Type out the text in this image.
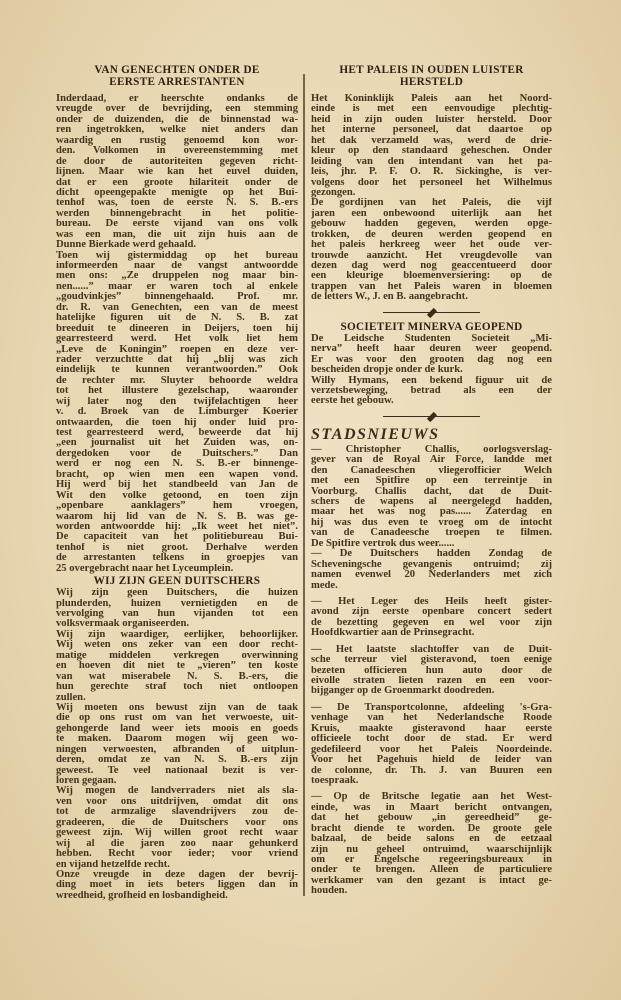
VAN GENECHTEN ONDER DE
EERSTE ARRESTANTEN
Inderdaad, er heerschte ondanks de
vreugde over de bevrijding, een stemming
onder de duizenden, die de binnenstad wa-
ren ingetrokken, welke niet anders dan
waardig en rustig genoemd kon wor-
den. Volkomen in overeenstemming met
de door de autoriteiten gegeven richt-
lijnen. Maar wie kan het euvel duiden,
dat er een groote hilariteit onder de
dicht opeengepakte menigte op het Bui-
tenhof was, toen de eerste N. S. B.-ers
werden binnengebracht in het politie-
bureau. De eerste vijand van ons volk
was een man, die uit zijn huis aan de
Dunne Bierkade werd gehaald.
Toen wij gistermiddag op het bureau
informeerden naar de vangst antwoordde
men ons: „Ze druppelen nog maar bin-
nen......” maar er waren toch al enkele
„goudvinkjes” binnengehaald. Prof. mr.
dr. R. van Genechten, een van de meest
hatelijke figuren uit de N. S. B. zat
breeduit te dineeren in Deijers, toen hij
gearresteerd werd. Het volk liet hem
„Leve de Koningin” roepen en deze ver-
rader verzuchtte dat hij „blij was zich
eindelijk te kunnen verantwoorden.” Ook
de rechter mr. Sluyter behoorde weldra
tot het illustere gezelschap, waaronder
wij later nog den twijfelachtigen heer
v. d. Broek van de Limburger Koerier
ontwaarden, die toen hij onder luid pro-
test gearresteerd werd, beweerde dat hij
„een journalist uit het Zuiden was, on-
dergedoken voor de Duitschers.” Dan
werd er nog een N. S. B.-er binnenge-
bracht, op wien men een wapen vond.
Hij werd bij het standbeeld van Jan de
Wit den volke getoond, en toen zijn
„openbare aanklagers” hem vroegen,
waarom hij lid van de N. S. B. was ge-
worden antwoordde hij: „Ik weet het niet”.
De capaciteit van het politiebureau Bui-
tenhof is niet groot. Derhalve werden
de arrestanten telkens in groepjes van
25 overgebracht naar het Lyceumplein.
WIJ ZIJN GEEN DUITSCHERS
Wij zijn geen Duitschers, die huizen
plunderden, huizen vernietigden en de
vervolging van hun vijanden tot een
volksvermaak organiseerden.
Wij zijn waardiger, eerlijker, behoorlijker.
Wij weten ons zeker van een door recht-
matige middelen verkregen overwinning
en hoeven dit niet te „vieren” ten koste
van wat miserabele N. S. B.-ers, die
hun gerechte straf toch niet ontloopen
zullen.
Wij moeten ons bewust zijn van de taak
die op ons rust om van het verwoeste, uit-
gehongerde land weer iets moois en goeds
te maken. Daarom mogen wij geen wo-
ningen verwoesten, afbranden of uitplun-
deren, omdat ze van N. S. B.-ers zijn
geweest. Te veel nationaal bezit is ver-
loren gegaan.
Wij mogen de landverraders niet als sla-
ven voor ons uitdrijven, omdat dit ons
tot de armzalige slavendrijvers zou de-
gradeeren, die de Duitschers voor ons
geweest zijn. Wij willen groot recht waar
wij al die jaren zoo naar gehunkerd
hebben. Recht voor ieder; voor vriend
en vijand hetzelfde recht.
Onze vreugde in deze dagen der bevrij-
ding moet in iets beters liggen dan in
wreedheid, grofheid en losbandigheid.
HET PALEIS IN OUDEN LUISTER
HERSTELD
Het Koninklijk Paleis aan het Noord-
einde is met een eenvoudige plechtig-
heid in zijn ouden luister hersteld. Door
het interne personeel, dat daartoe op
het dak verzameld was, werd de drie-
kleur op den standaard geheschen. Onder
leiding van den intendant van het pa-
leis, jhr. P. F. O. R. Sickinghe, is ver-
volgens door het personeel het Wilhelmus
gezongen.
De gordijnen van het Paleis, die vijf
jaren een onbewoond uiterlijk aan het
gebouw hadden gegeven, werden opge-
trokken, de deuren werden geopend en
het paleis herkreeg weer het oude ver-
trouwde aanzicht. Het vreugdevolle van
dezen dag werd nog geaccentueerd door
een kleurige bloemenversiering: op de
trappen van het Paleis waren in bloemen
de letters W., J. en B. aangebracht.
SOCIETEIT MINERVA GEOPEND
De Leidsche Studenten Societeit „Mi-
nerva” heeft haar deuren weer geopend.
Er was voor den grooten dag nog een
bescheiden dropje onder de kurk.
Willy Hymans, een bekend figuur uit de
verzetsbeweging, betrad als een der
eerste het gebouw.
STADSNIEUWS
— Christopher Challis, oorlogsverslag-
gever van de Royal Air Force, landde met
den Canadeeschen vliegerofficier Welch
met een Spitfire op een terreintje in
Voorburg. Challis dacht, dat de Duit-
schers de wapens al neergelegd hadden,
maar het was nog pas...... Zaterdag en
hij was dus even te vroeg om de intocht
van de Canadeesche troepen te filmen.
De Spitfire vertrok dus weer......
— De Duitschers hadden Zondag de
Scheveningsche gevangenis ontruimd; zij
namen evenwel 20 Nederlanders met zich
mede.
— Het Leger des Heils heeft gister-
avond zijn eerste openbare concert sedert
de bezetting gegeven en wel voor zijn
Hoofdkwartier aan de Prinsegracht.
— Het laatste slachtoffer van de Duit-
sche terreur viel gisteravond, toen eenige
bezeten officieren hun auto door de
eivolle straten lieten razen en een voor-
bijganger op de Groenmarkt doodreden.
— De Transportcolonne, afdeeling 's-Gra-
venhage van het Nederlandsche Roode
Kruis, maakte gisteravond haar eerste
officieele tocht door de stad. Er werd
gedefileerd voor het Paleis Noordeinde.
Voor het Pagehuis hield de leider van
de colonne, dr. Th. J. van Buuren een
toespraak.
— Op de Britsche legatie aan het West-
einde, was in Maart bericht ontvangen,
dat het gebouw „in gereedheid” ge-
bracht diende te worden. De groote gele
balzaal, de beide salons en de eetzaal
zijn nu geheel ontruimd, waarschijnlijk
om er Engelsche regeeringsbureaux in
onder te brengen. Alleen de particuliere
werkkamer van den gezant is intact ge-
houden.
